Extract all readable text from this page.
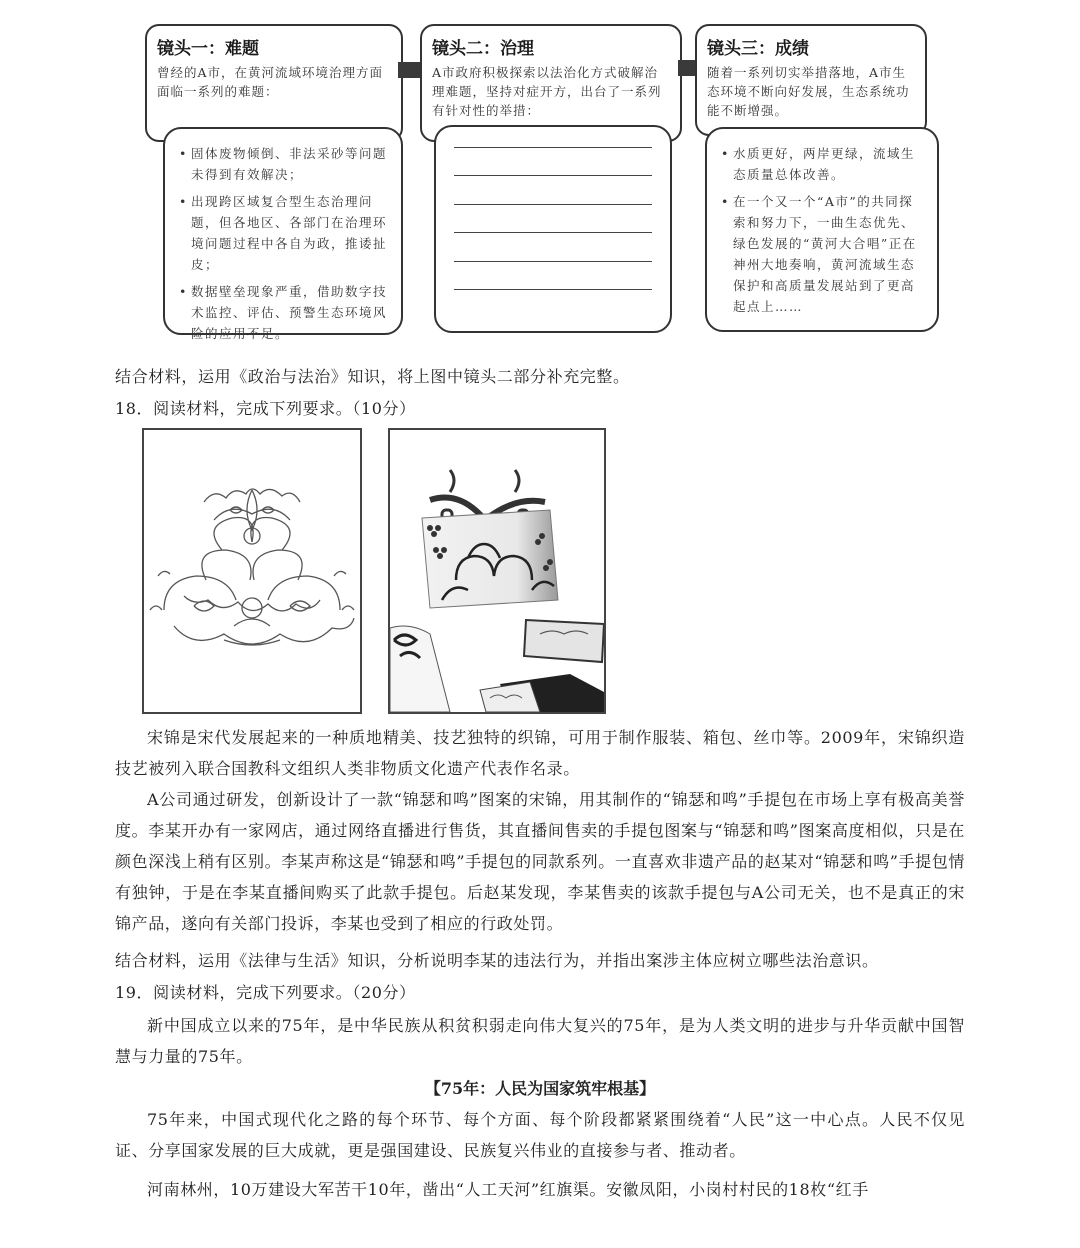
镜头一：难题
曾经的A市，在黄河流域环境治理方面面临一系列的难题：
• 固体废物倾倒、非法采砂等问题未得到有效解决；
• 出现跨区域复合型生态治理问题，但各地区、各部门在治理环境问题过程中各自为政，推诿扯皮；
• 数据壁垒现象严重，借助数字技术监控、评估、预警生态环境风险的应用不足。
镜头二：治理
A市政府积极探索以法治化方式破解治理难题，坚持对症开方，出台了一系列有针对性的举措：
镜头三：成绩
随着一系列切实举措落地，A市生态环境不断向好发展，生态系统功能不断增强。
• 水质更好，两岸更绿，流域生态质量总体改善。
• 在一个又一个“A市”的共同探索和努力下，一曲生态优先、绿色发展的“黄河大合唱”正在神州大地奏响，黄河流域生态保护和高质量发展站到了更高起点上……
结合材料，运用《政治与法治》知识，将上图中镜头二部分补充完整。
18．阅读材料，完成下列要求。（10分）
宋锦是宋代发展起来的一种质地精美、技艺独特的织锦，可用于制作服装、箱包、丝巾等。2009年，宋锦织造技艺被列入联合国教科文组织人类非物质文化遗产代表作名录。
A公司通过研发，创新设计了一款“锦瑟和鸣”图案的宋锦，用其制作的“锦瑟和鸣”手提包在市场上享有极高美誉度。李某开办有一家网店，通过网络直播进行售货，其直播间售卖的手提包图案与“锦瑟和鸣”图案高度相似，只是在颜色深浅上稍有区别。李某声称这是“锦瑟和鸣”手提包的同款系列。一直喜欢非遗产品的赵某对“锦瑟和鸣”手提包情有独钟，于是在李某直播间购买了此款手提包。后赵某发现，李某售卖的该款手提包与A公司无关，也不是真正的宋锦产品，遂向有关部门投诉，李某也受到了相应的行政处罚。
结合材料，运用《法律与生活》知识，分析说明李某的违法行为，并指出案涉主体应树立哪些法治意识。
19．阅读材料，完成下列要求。（20分）
新中国成立以来的75年，是中华民族从积贫积弱走向伟大复兴的75年，是为人类文明的进步与升华贡献中国智慧与力量的75年。
【75年：人民为国家筑牢根基】
75年来，中国式现代化之路的每个环节、每个方面、每个阶段都紧紧围绕着“人民”这一中心点。人民不仅见证、分享国家发展的巨大成就，更是强国建设、民族复兴伟业的直接参与者、推动者。
河南林州，10万建设大军苦干10年，凿出“人工天河”红旗渠。安徽凤阳，小岗村村民的18枚“红手
